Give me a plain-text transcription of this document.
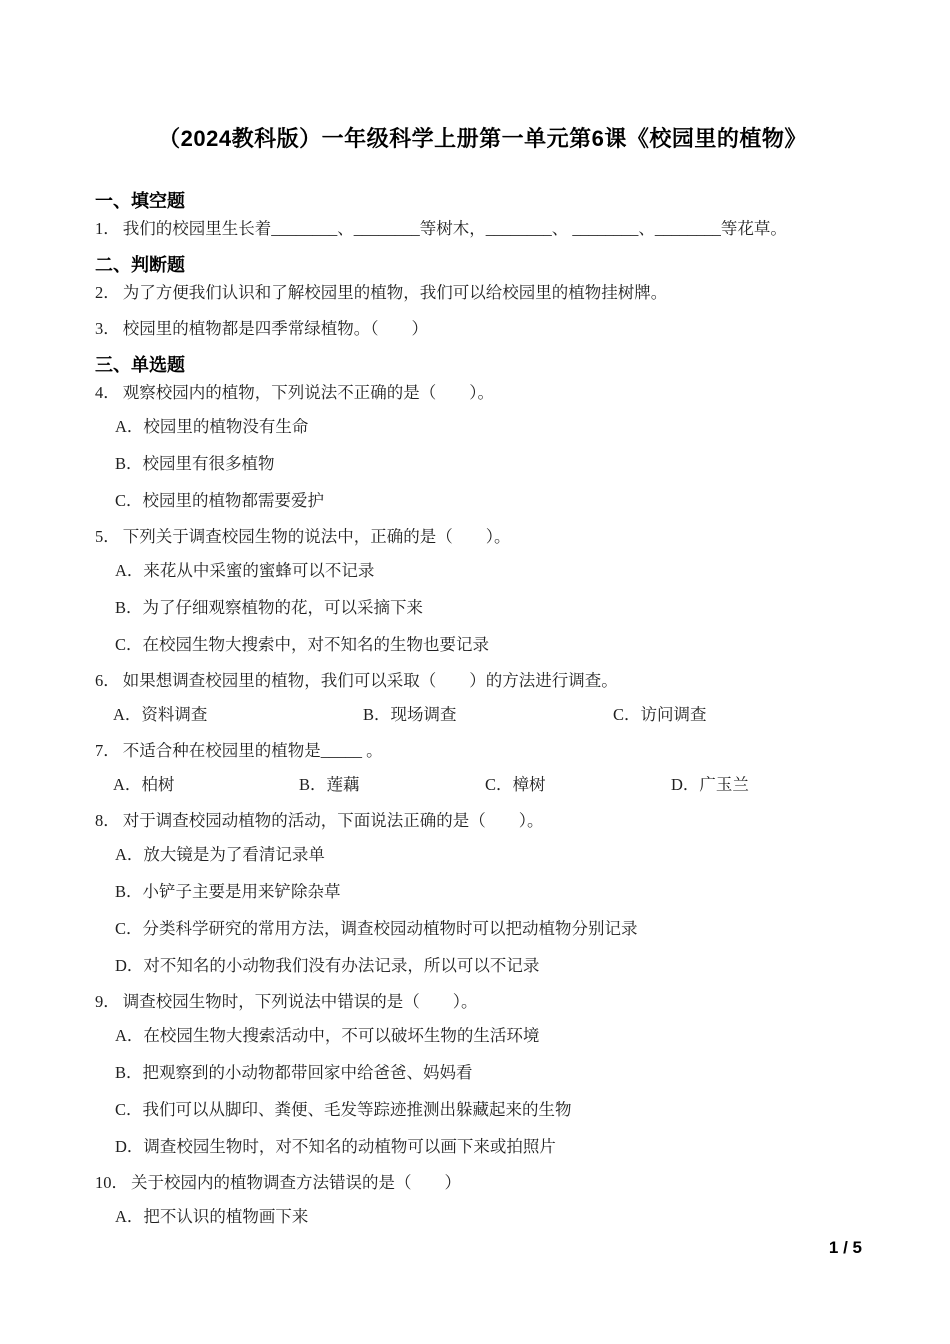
（2024教科版）一年级科学上册第一单元第6课《校园里的植物》
一、填空题

1． 我们的校园里生长着________、________等树木，________、 ________、________等花草。

二、判断题

2． 为了方便我们认识和了解校园里的植物，我们可以给校园里的植物挂树牌。

3． 校园里的植物都是四季常绿植物。（　　）

三、单选题

4． 观察校园内的植物，下列说法不正确的是（　　）。

A．校园里的植物没有生命
B．校园里有很多植物
C．校园里的植物都需要爱护

5． 下列关于调查校园生物的说法中，正确的是（　　）。

A．来花从中采蜜的蜜蜂可以不记录
B．为了仔细观察植物的花，可以采摘下来
C．在校园生物大搜索中，对不知名的生物也要记录

6． 如果想调查校园里的植物，我们可以采取（　　）的方法进行调查。

A．资料调查	B．现场调查	C．访问调查

7． 不适合种在校园里的植物是_____ 。

A．柏树	B．莲藕	C．樟树	D．广玉兰

8． 对于调查校园动植物的活动，下面说法正确的是（　　）。

A．放大镜是为了看清记录单
B．小铲子主要是用来铲除杂草
C．分类科学研究的常用方法，调查校园动植物时可以把动植物分别记录
D．对不知名的小动物我们没有办法记录，所以可以不记录

9． 调查校园生物时，下列说法中错误的是（　　）。

A．在校园生物大搜索活动中，不可以破坏生物的生活环境
B．把观察到的小动物都带回家中给爸爸、妈妈看
C．我们可以从脚印、粪便、毛发等踪迹推测出躲藏起来的生物
D．调查校园生物时，对不知名的动植物可以画下来或拍照片

10． 关于校园内的植物调查方法错误的是（　　）

A．把不认识的植物画下来
1 / 5
